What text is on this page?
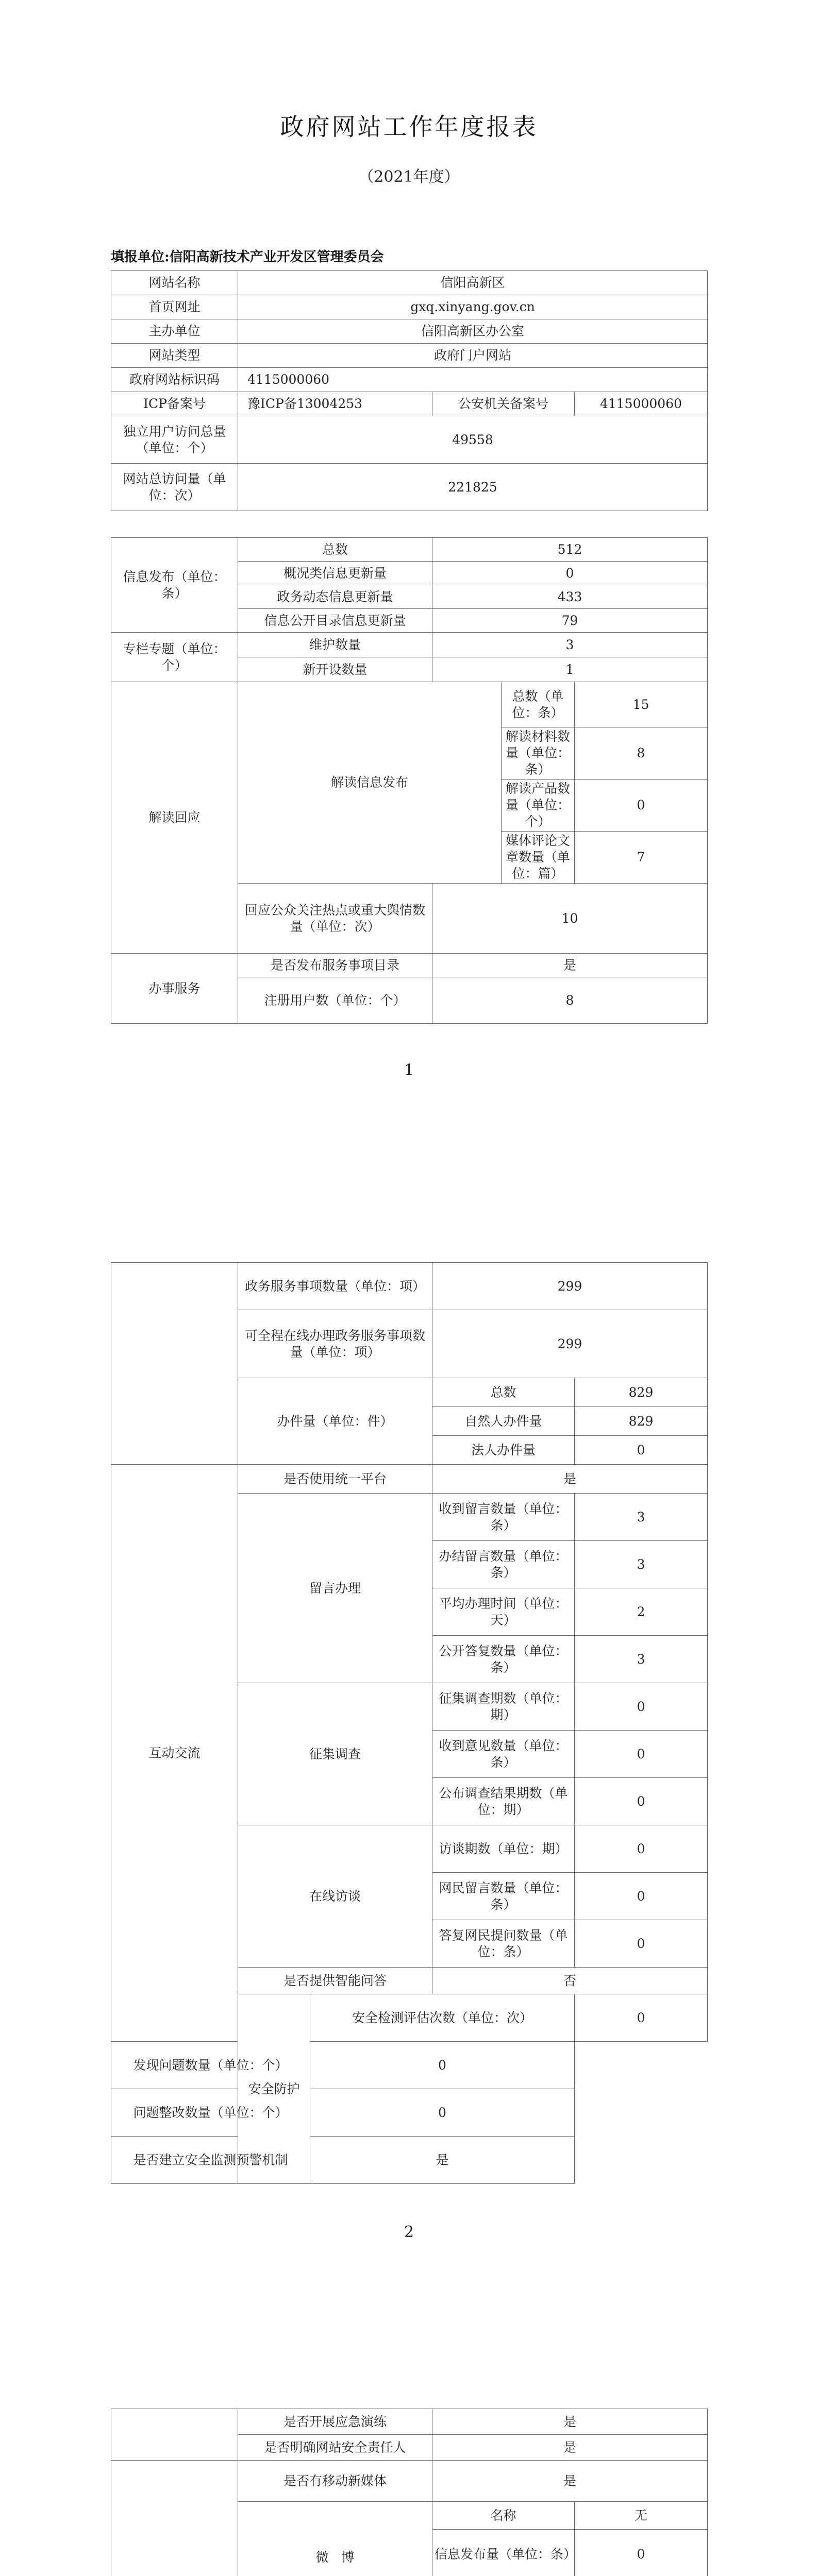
政府网站工作年度报表
（2021年度）
填报单位:信阳高新技术产业开发区管理委员会
网站名称	信阳高新区		
首页网址	gxq.xinyang.gov.cn		
主办单位	信阳高新区办公室		
网站类型	政府门户网站		
政府网站标识码	4115000060		
ICP备案号	豫ICP备13004253	公安机关备案号	4115000060
独立用户访问总量（单位：个）	49558		
网站总访问量（单位：次）	221825		
信息发布（单位：条）	总数	512		
	概况类信息更新量	0		
	政务动态信息更新量	433		
	信息公开目录信息更新量	79		
专栏专题（单位：个）	维护数量	3		
	新开设数量	1		
解读回应	解读信息发布		总数（单位：条）	15
			解读材料数量（单位：条）	8
			解读产品数量（单位：个）	0
			媒体评论文章数量（单位：篇）	7
	回应公众关注热点或重大舆情数量（单位：次）	10		
办事服务	是否发布服务事项目录	是		
	注册用户数（单位：个）	8		
1
	政务服务事项数量（单位：项）		299	
	可全程在线办理政务服务事项数量（单位：项）		299	
	办件量（单位：件）		总数	829
			自然人办件量	829
			法人办件量	0
互动交流	是否使用统一平台		是	
	留言办理		收到留言数量（单位：条）	3
			办结留言数量（单位：条）	3
			平均办理时间（单位：天）	2
			公开答复数量（单位：条）	3
	征集调查		征集调查期数（单位：期）	0
			收到意见数量（单位：条）	0
			公布调查结果期数（单位：期）	0
	在线访谈		访谈期数（单位：期）	0
			网民留言数量（单位：条）	0
			答复网民提问数量（单位：条）	0
	是否提供智能问答		否	
	安全防护	安全检测评估次数（单位：次）		0
发现问题数量（单位：个）		0		
问题整改数量（单位：个）		0		
是否建立安全监测预警机制		是		
2
	是否开展应急演练	是	
	是否明确网站安全责任人	是	
	是否有移动新媒体	是	
	微　博	名称	无
		信息发布量（单位：条）	0
